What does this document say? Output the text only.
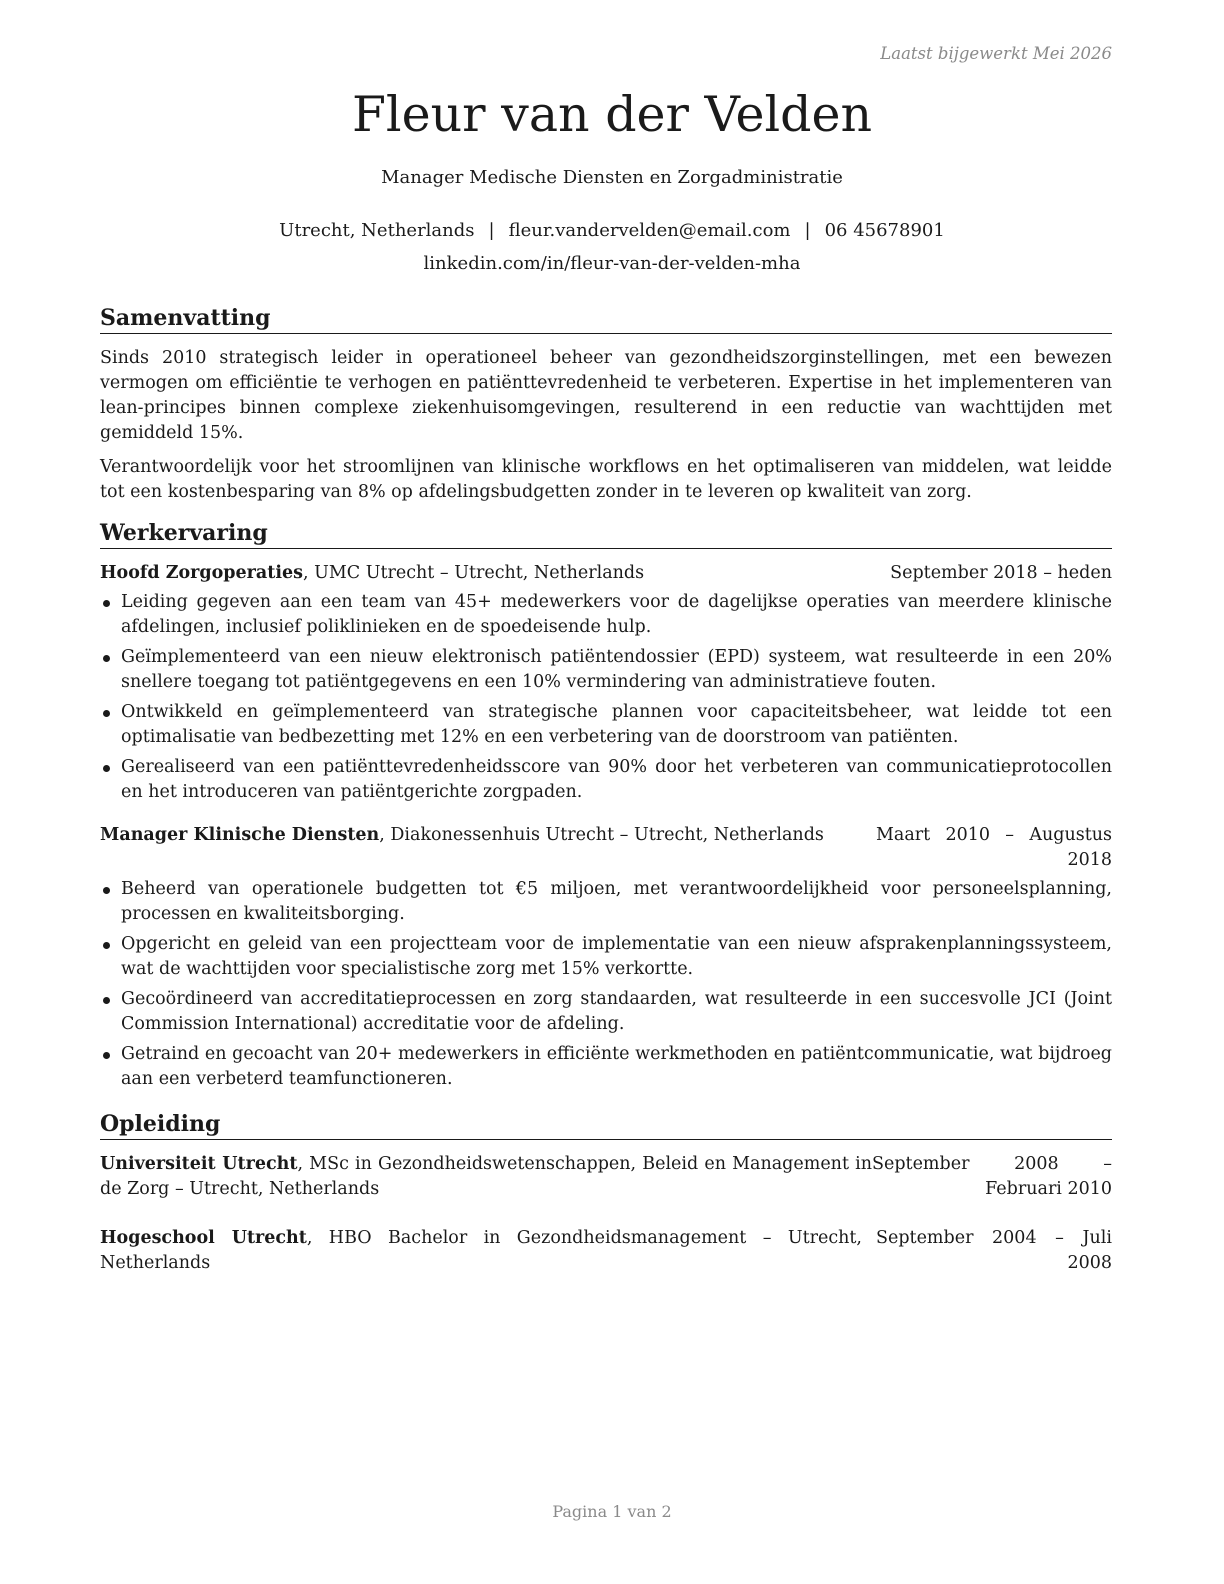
Laatst bijgewerkt Mei 2026
Fleur van der Velden
Manager Medische Diensten en Zorgadministratie
Utrecht, Netherlands | fleur.vandervelden@email.com | 06 45678901
linkedin.com/in/fleur-van-der-velden-mha
Samenvatting

Sinds 2010 strategisch leider in operationeel beheer van gezondheidszorginstellingen, met een bewezen vermogen om efficiëntie te verhogen en patiënttevredenheid te verbeteren. Expertise in het implementeren van lean-principes binnen complexe ziekenhuisomgevingen, resulterend in een reductie van wachttijden met gemiddeld 15%.

Verantwoordelijk voor het stroomlijnen van klinische workflows en het optimaliseren van middelen, wat leidde tot een kostenbesparing van 8% op afdelingsbudgetten zonder in te leveren op kwaliteit van zorg.

Werkervaring
Hoofd Zorgoperaties, UMC Utrecht – Utrecht, Netherlands	September 2018 – heden
Leiding gegeven aan een team van 45+ medewerkers voor de dagelijkse operaties van meerdere klinische afdelingen, inclusief poliklinieken en de spoedeisende hulp.
Geïmplementeerd van een nieuw elektronisch patiëntendossier (EPD) systeem, wat resulteerde in een 20% snellere toegang tot patiëntgegevens en een 10% vermindering van administratieve fouten.
Ontwikkeld en geïmplementeerd van strategische plannen voor capaciteitsbeheer, wat leidde tot een optimalisatie van bedbezetting met 12% en een verbetering van de doorstroom van patiënten.
Gerealiseerd van een patiënttevredenheidsscore van 90% door het verbeteren van communicatieprotocollen en het introduceren van patiëntgerichte zorgpaden.
Manager Klinische Diensten, Diakonessenhuis Utrecht – Utrecht, Netherlands	Maart 2010 – Augustus 2018
Beheerd van operationele budgetten tot €5 miljoen, met verantwoordelijkheid voor personeelsplanning, processen en kwaliteitsborging.
Opgericht en geleid van een projectteam voor de implementatie van een nieuw afsprakenplanningssysteem, wat de wachttijden voor specialistische zorg met 15% verkortte.
Gecoördineerd van accreditatieprocessen en zorg standaarden, wat resulteerde in een succesvolle JCI (Joint Commission International) accreditatie voor de afdeling.
Getraind en gecoacht van 20+ medewerkers in efficiënte werkmethoden en patiëntcommunicatie, wat bijdroeg aan een verbeterd teamfunctioneren.
Opleiding
Universiteit Utrecht, MSc in Gezondheidswetenschappen, Beleid en Management in de Zorg – Utrecht, Netherlands
September 2008 – Februari 2010
Hogeschool Utrecht, HBO Bachelor in Gezondheidsmanagement – Utrecht, Netherlands
September 2004 – Juli 2008
Pagina 1 van 2
